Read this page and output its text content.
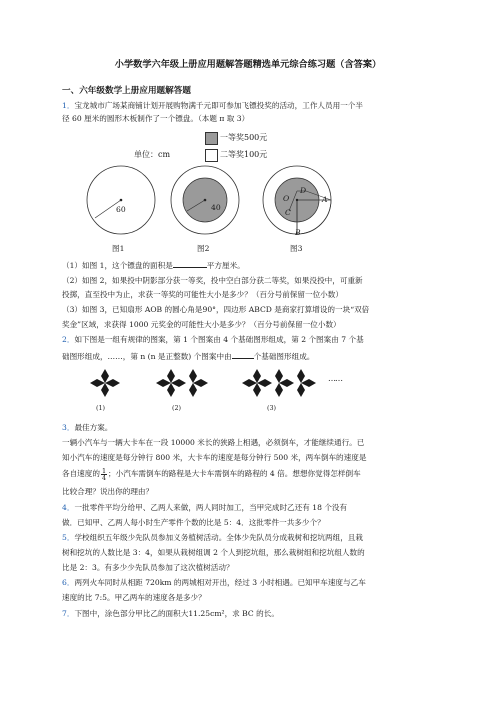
小学数学六年级上册应用题解答题精选单元综合练习题（含答案）
一、六年级数学上册应用题解答题
1．宝龙城市广场某商铺计划开展购物满千元即可参加飞镖投奖的活动，工作人员用一个半
径 60 厘米的圆形木板制作了一个镖盘。（本题 π 取 3）
一等奖500元
二等奖100元
单位：cm
60	40
O
D
A
C
B
图1	图2	图3
（1）如图 1，这个镖盘的面积是	平方厘米。
（2）如图 2，如果投中阴影部分获一等奖，投中空白部分获二等奖，如果没投中，可重新
投掷，直至投中为止，求获一等奖的可能性大小是多少？（百分号前保留一位小数）
（3）如图 3，已知扇形 AOB 的圆心角是90°，四边形 ABCD 是商家打算增设的一块“双倍
奖金”区域，求获得 1000 元奖金的可能性大小是多少？（百分号前保留一位小数）
2．如下图是一组有规律的图案，第 1 个图案由 4 个基础图形组成，第 2 个图案由 7 个基
础图形组成，……，第 n (n 是正整数) 个图案中由	个基础图形组成。
……
(1)	(2)	(3)
3．最佳方案。
一辆小汽车与一辆大卡车在一段 10000 米长的狭路上相遇，必须倒车，才能继续通行。已
知小汽车的速度是每分钟行 800 米，大卡车的速度是每分钟行 500 米，两车倒车的速度是
各自速度的 $\frac{1}{4}$ ；小汽车需倒车的路程是大卡车需倒车的路程的 4 倍。想想你觉得怎样倒车
比较合理？说出你的理由？
4．一批零件平均分给甲、乙两人来做，两人同时加工，当甲完成时乙还有 18 个没有
做．已知甲、乙两人每小时生产零件个数的比是 5：4．这批零件一共多少个？
5．学校组织五年级少先队员参加义务植树活动。全体少先队员分成栽树和挖坑两组，且栽
树和挖坑的人数比是 3：4，如果从栽树组调 2 个人到挖坑组，那么栽树组和挖坑组人数的
比是 2：3。有多少少先队员参加了这次植树活动？
6．两列火车同时从相距 720km 的两城相对开出，经过 3 小时相遇。已知甲车速度与乙车
速度的比 7:5。甲乙两车的速度各是多少？
7．下图中，涂色部分甲比乙的面积大11.25cm²，求 BC 的长。
